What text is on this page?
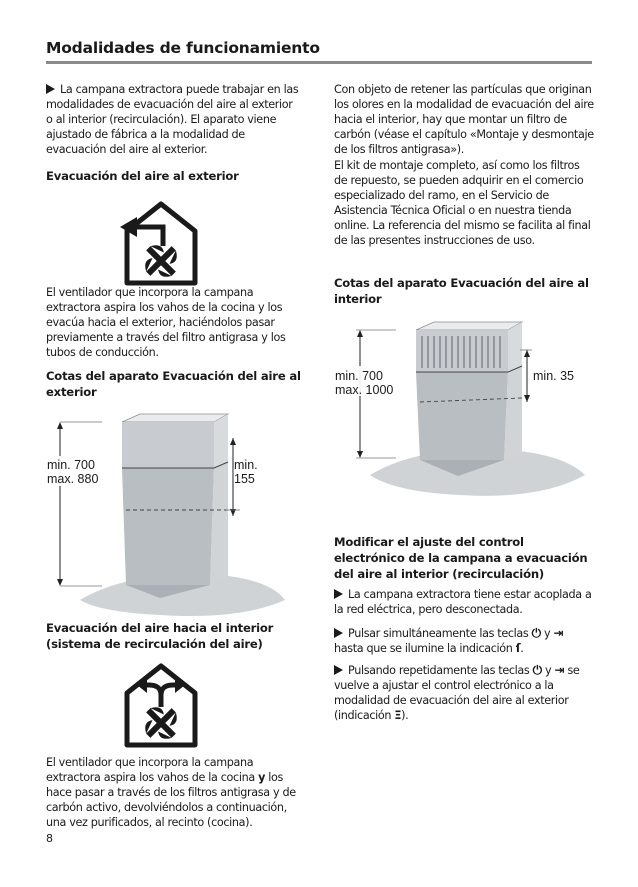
Modalidades de funcionamiento

La campana extractora puede trabajar en las modalidades de evacuación del aire al exterior o al interior (recirculación). El aparato viene ajustado de fábrica a la modalidad de evacuación del aire al exterior.

Evacuación del aire al exterior
El ventilador que incorpora la campana extractora aspira los vahos de la cocina y los evacúa hacia el exterior, haciéndolos pasar previamente a través del filtro antigrasa y los tubos de conducción.
Cotas del aparato Evacuación del aire al exterior
min. 700
max. 880
min.
155
Evacuación del aire hacia el interior (sistema de recirculación del aire)
El ventilador que incorpora la campana extractora aspira los vahos de la cocina y los hace pasar a través de los filtros antigrasa y de carbón activo, devolviéndolos a continuación, una vez purificados, al recinto (cocina).
8
Con objeto de retener las partículas que originan los olores en la modalidad de evacuación del aire hacia el interior, hay que montar un filtro de carbón (véase el capítulo «Montaje y desmontaje de los filtros antigrasa»).
El kit de montaje completo, así como los filtros de repuesto, se pueden adquirir en el comercio especializado del ramo, en el Servicio de Asistencia Técnica Oficial o en nuestra tienda online. La referencia del mismo se facilita al final de las presentes instrucciones de uso.
Cotas del aparato Evacuación del aire al interior
min. 700
max. 1000
min. 35
Modificar el ajuste del control electrónico de la campana a evacuación del aire al interior (recirculación)

La campana extractora tiene estar acoplada a la red eléctrica, pero desconectada.

Pulsar simultáneamente las teclas ⏻ y ⇥ hasta que se ilumine la indicación ſ.

Pulsando repetidamente las teclas ⏻ y ⇥ se vuelve a ajustar el control electrónico a la modalidad de evacuación del aire al exterior (indicación Ξ).
